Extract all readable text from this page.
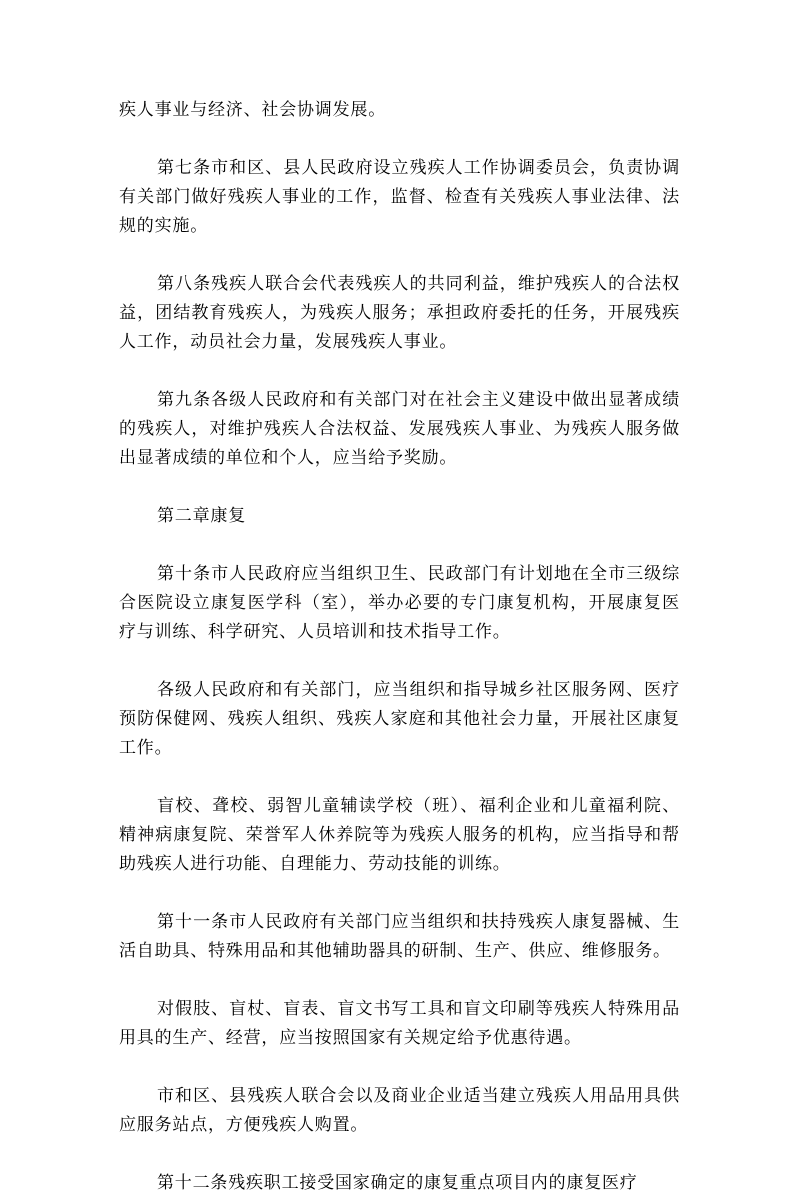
疾人事业与经济、社会协调发展。

第七条市和区、县人民政府设立残疾人工作协调委员会，负责协调有关部门做好残疾人事业的工作，监督、检查有关残疾人事业法律、法规的实施。

第八条残疾人联合会代表残疾人的共同利益，维护残疾人的合法权益，团结教育残疾人，为残疾人服务；承担政府委托的任务，开展残疾人工作，动员社会力量，发展残疾人事业。

第九条各级人民政府和有关部门对在社会主义建设中做出显著成绩的残疾人，对维护残疾人合法权益、发展残疾人事业、为残疾人服务做出显著成绩的单位和个人，应当给予奖励。

第二章康复

第十条市人民政府应当组织卫生、民政部门有计划地在全市三级综合医院设立康复医学科（室），举办必要的专门康复机构，开展康复医疗与训练、科学研究、人员培训和技术指导工作。

各级人民政府和有关部门，应当组织和指导城乡社区服务网、医疗预防保健网、残疾人组织、残疾人家庭和其他社会力量，开展社区康复工作。

盲校、聋校、弱智儿童辅读学校（班）、福利企业和儿童福利院、精神病康复院、荣誉军人休养院等为残疾人服务的机构，应当指导和帮助残疾人进行功能、自理能力、劳动技能的训练。

第十一条市人民政府有关部门应当组织和扶持残疾人康复器械、生活自助具、特殊用品和其他辅助器具的研制、生产、供应、维修服务。

对假肢、盲杖、盲表、盲文书写工具和盲文印刷等残疾人特殊用品用具的生产、经营，应当按照国家有关规定给予优惠待遇。

市和区、县残疾人联合会以及商业企业适当建立残疾人用品用具供应服务站点，方便残疾人购置。

第十二条残疾职工接受国家确定的康复重点项目内的康复医疗
